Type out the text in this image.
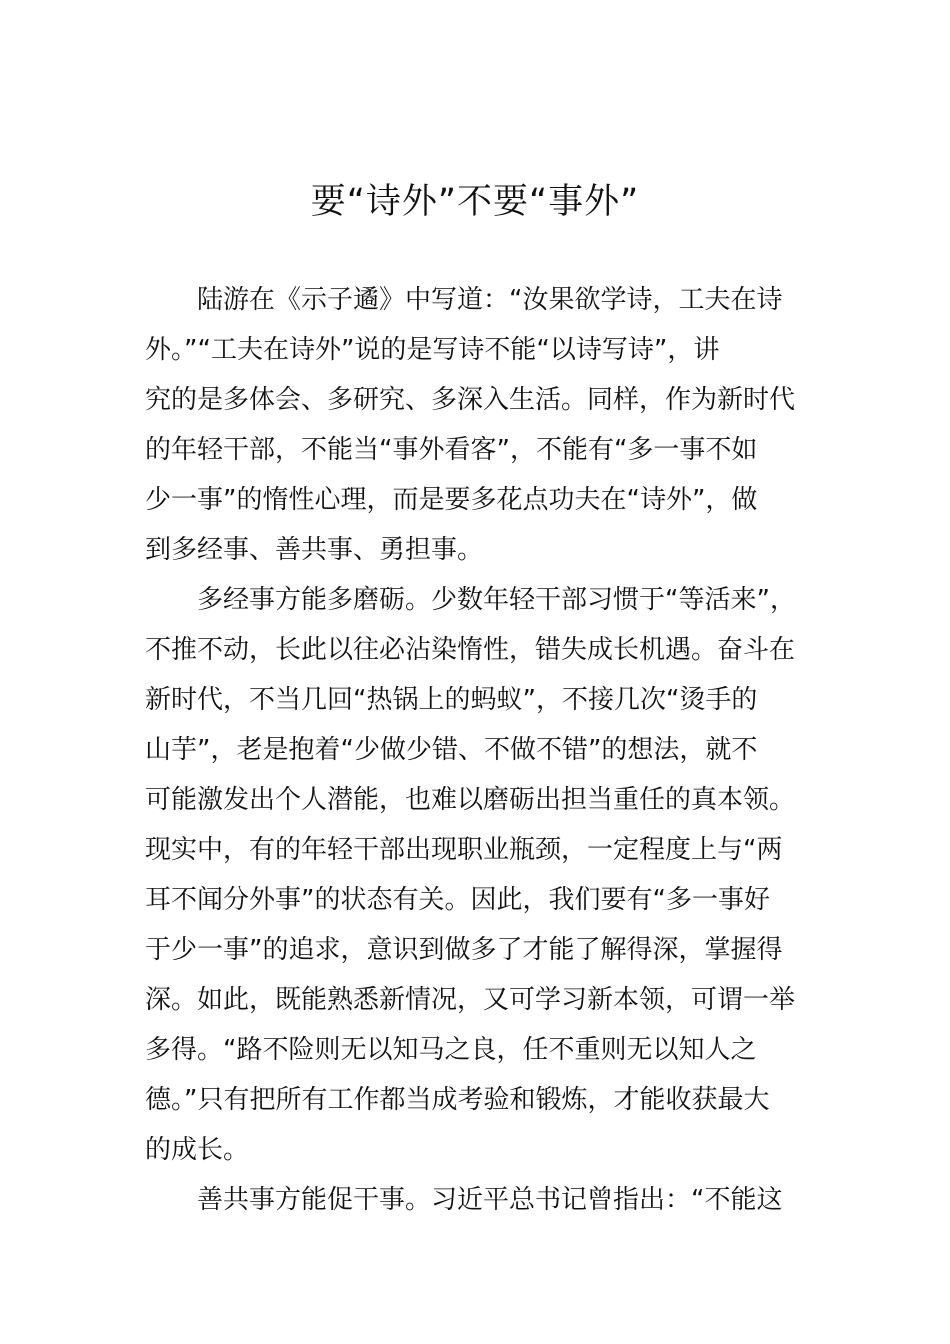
要“诗外”不要“事外”
陆游在《示子遹》中写道：“汝果欲学诗，工夫在诗
外。”“工夫在诗外”说的是写诗不能“以诗写诗”，讲
究的是多体会、多研究、多深入生活。同样，作为新时代
的年轻干部，不能当“事外看客”，不能有“多一事不如
少一事”的惰性心理，而是要多花点功夫在“诗外”，做
到多经事、善共事、勇担事。
多经事方能多磨砺。少数年轻干部习惯于“等活来”，
不推不动，长此以往必沾染惰性，错失成长机遇。奋斗在
新时代，不当几回“热锅上的蚂蚁”，不接几次“烫手的
山芋”，老是抱着“少做少错、不做不错”的想法，就不
可能激发出个人潜能，也难以磨砺出担当重任的真本领。
现实中，有的年轻干部出现职业瓶颈，一定程度上与“两
耳不闻分外事”的状态有关。因此，我们要有“多一事好
于少一事”的追求，意识到做多了才能了解得深，掌握得
深。如此，既能熟悉新情况，又可学习新本领，可谓一举
多得。“路不险则无以知马之良，任不重则无以知人之
德。”只有把所有工作都当成考验和锻炼，才能收获最大
的成长。
善共事方能促干事。习近平总书记曾指出：“不能这
